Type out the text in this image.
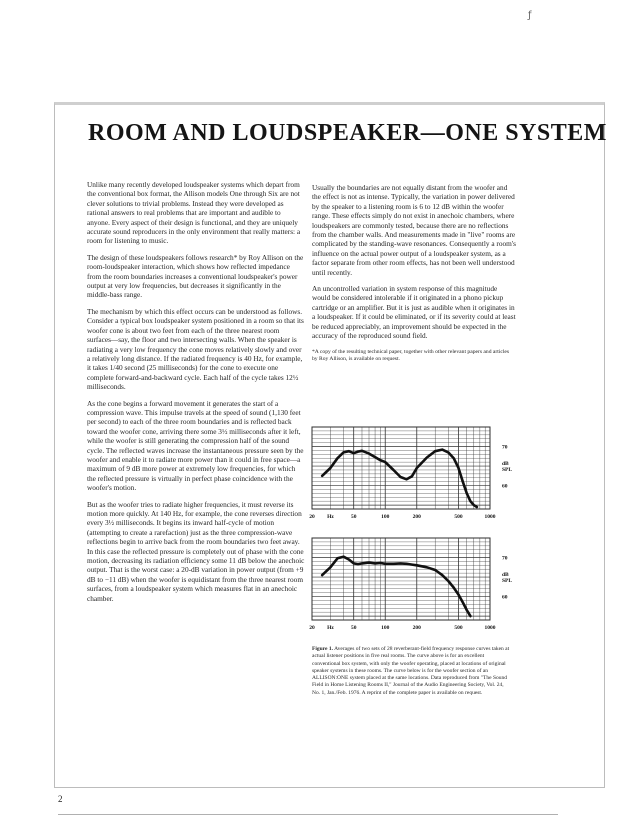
ƒ
ROOM AND LOUDSPEAKER—ONE SYSTEM

Unlike many recently developed loudspeaker systems which depart from the conventional box format, the Allison models One through Six are not clever solutions to trivial problems. Instead they were developed as rational answers to real problems that are important and audible to anyone. Every aspect of their design is functional, and they are uniquely accurate sound reproducers in the only environment that really matters: a room for listening to music.

The design of these loudspeakers follows research* by Roy Allison on the room-loudspeaker interaction, which shows how reflected impedance from the room boundaries increases a conventional loudspeaker's power output at very low frequencies, but decreases it significantly in the middle-bass range.

The mechanism by which this effect occurs can be understood as follows. Consider a typical box loudspeaker system positioned in a room so that its woofer cone is about two feet from each of the three nearest room surfaces—say, the floor and two intersecting walls. When the speaker is radiating a very low frequency the cone moves relatively slowly and over a relatively long distance. If the radiated frequency is 40 Hz, for example, it takes 1/40 second (25 milliseconds) for the cone to execute one complete forward-and-backward cycle. Each half of the cycle takes 12½ milliseconds.

As the cone begins a forward movement it generates the start of a compression wave. This impulse travels at the speed of sound (1,130 feet per second) to each of the three room boundaries and is reflected back toward the woofer cone, arriving there some 3½ milliseconds after it left, while the woofer is still generating the compression half of the sound cycle. The reflected waves increase the instantaneous pressure seen by the woofer and enable it to radiate more power than it could in free space—a maximum of 9 dB more power at extremely low frequencies, for which the reflected pressure is virtually in perfect phase coincidence with the woofer's motion.

But as the woofer tries to radiate higher frequencies, it must reverse its motion more quickly. At 140 Hz, for example, the cone reverses direction every 3½ milliseconds. It begins its inward half-cycle of motion (attempting to create a rarefaction) just as the three compression-wave reflections begin to arrive back from the room boundaries two feet away. In this case the reflected pressure is completely out of phase with the cone motion, decreasing its radiation efficiency some 11 dB below the anechoic output. That is the worst case: a 20-dB variation in power output (from +9 dB to −11 dB) when the woofer is equidistant from the three nearest room surfaces, from a loudspeaker system which measures flat in an anechoic chamber.

Usually the boundaries are not equally distant from the woofer and the effect is not as intense. Typically, the variation in power delivered by the speaker to a listening room is 6 to 12 dB within the woofer range. These effects simply do not exist in anechoic chambers, where loudspeakers are commonly tested, because there are no reflections from the chamber walls. And measurements made in "live" rooms are complicated by the standing-wave resonances. Consequently a room's influence on the actual power output of a loudspeaker system, as a factor separate from other room effects, has not been well understood until recently.

An uncontrolled variation in system response of this magnitude would be considered intolerable if it originated in a phono pickup cartridge or an amplifier. But it is just as audible when it originates in a loudspeaker. If it could be eliminated, or if its severity could at least be reduced appreciably, an improvement should be expected in the accuracy of the reproduced sound field.

*A copy of the resulting technical paper, together with other relevant papers and articles by Roy Allison, is available on request.
20 Hz	50	100	200	500	1000
70
dB
SPL
60
20 Hz	50	100	200	500	1000
70
dB
SPL
60
Figure 1. Averages of two sets of 28 reverberant-field frequency response curves taken at actual listener positions in five real rooms. The curve above is for an excellent conventional box system, with only the woofer operating, placed at locations of original speaker systems in these rooms. The curve below is for the woofer section of an ALLISON:ONE system placed at the same locations. Data reproduced from "The Sound Field in Home Listening Rooms II," Journal of the Audio Engineering Society, Vol. 24, No. 1, Jan./Feb. 1976. A reprint of the complete paper is available on request.
2
